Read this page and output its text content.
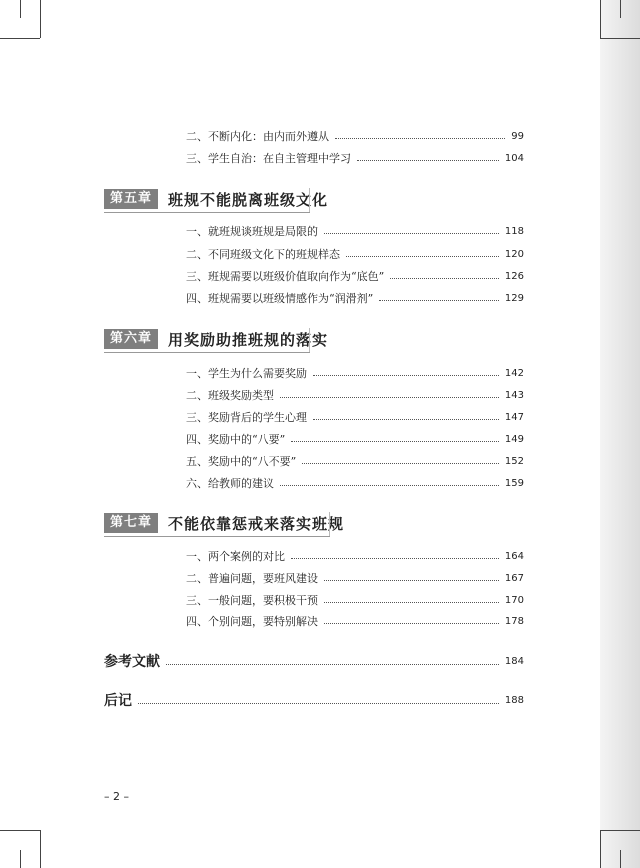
二、不断内化：由内而外遵从	99
三、学生自治：在自主管理中学习	104
第五章	班规不能脱离班级文化
一、就班规谈班规是局限的	118
二、不同班级文化下的班规样态	120
三、班规需要以班级价值取向作为“底色”	126
四、班规需要以班级情感作为“润滑剂”	129
第六章	用奖励助推班规的落实
一、学生为什么需要奖励	142
二、班级奖励类型	143
三、奖励背后的学生心理	147
四、奖励中的“八要”	149
五、奖励中的“八不要”	152
六、给教师的建议	159
第七章	不能依靠惩戒来落实班规
一、两个案例的对比	164
二、普遍问题，要班风建设	167
三、一般问题，要积极干预	170
四、个别问题，要特别解决	178
参考文献	184
后记	188
– 2 –
